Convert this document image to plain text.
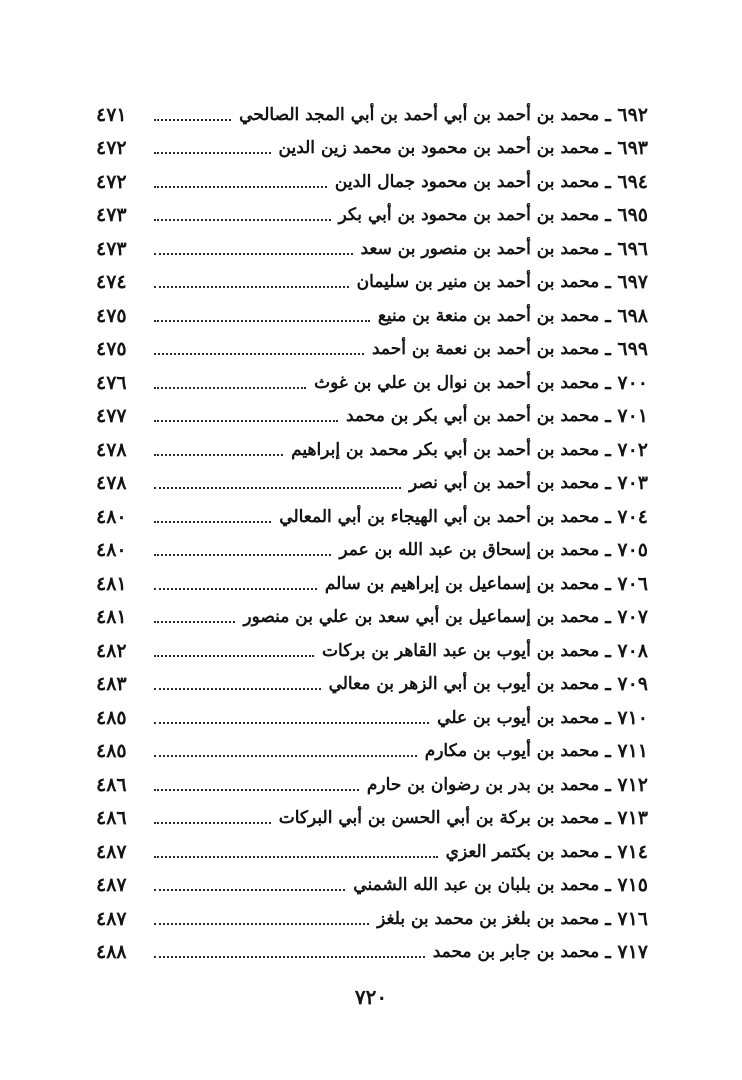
٤٧١	محمد بن أحمد بن أبي أحمد بن أبي المجد الصالحي ٦٩٢ ـ
٤٧٢	محمد بن أحمد بن محمود بن محمد زين الدين ٦٩٣ ـ
٤٧٢	محمد بن أحمد بن محمود جمال الدين ٦٩٤ ـ
٤٧٣	محمد بن أحمد بن محمود بن أبي بكر ٦٩٥ ـ
٤٧٣	محمد بن أحمد بن منصور بن سعد ٦٩٦ ـ
٤٧٤	محمد بن أحمد بن منير بن سليمان ٦٩٧ ـ
٤٧٥	محمد بن أحمد بن منعة بن منيع ٦٩٨ ـ
٤٧٥	محمد بن أحمد بن نعمة بن أحمد ٦٩٩ ـ
٤٧٦	محمد بن أحمد بن نوال بن علي بن غوث ٧٠٠ ـ
٤٧٧	محمد بن أحمد بن أبي بكر بن محمد ٧٠١ ـ
٤٧٨	محمد بن أحمد بن أبي بكر محمد بن إبراهيم ٧٠٢ ـ
٤٧٨	محمد بن أحمد بن أبي نصر ٧٠٣ ـ
٤٨٠	محمد بن أحمد بن أبي الهيجاء بن أبي المعالي ٧٠٤ ـ
٤٨٠	محمد بن إسحاق بن عبد الله بن عمر ٧٠٥ ـ
٤٨١	محمد بن إسماعيل بن إبراهيم بن سالم ٧٠٦ ـ
٤٨١	محمد بن إسماعيل بن أبي سعد بن علي بن منصور ٧٠٧ ـ
٤٨٢	محمد بن أيوب بن عبد القاهر بن بركات ٧٠٨ ـ
٤٨٣	محمد بن أيوب بن أبي الزهر بن معالي ٧٠٩ ـ
٤٨٥	محمد بن أيوب بن علي ٧١٠ ـ
٤٨٥	محمد بن أيوب بن مكارم ٧١١ ـ
٤٨٦	محمد بن بدر بن رضوان بن حارم ٧١٢ ـ
٤٨٦	محمد بن بركة بن أبي الحسن بن أبي البركات ٧١٣ ـ
٤٨٧	محمد بن بكتمر العزي ٧١٤ ـ
٤٨٧	محمد بن بلبان بن عبد الله الشمني ٧١٥ ـ
٤٨٧	محمد بن بلغز بن محمد بن بلغز ٧١٦ ـ
٤٨٨	محمد بن جابر بن محمد ٧١٧ ـ
٧٢٠
